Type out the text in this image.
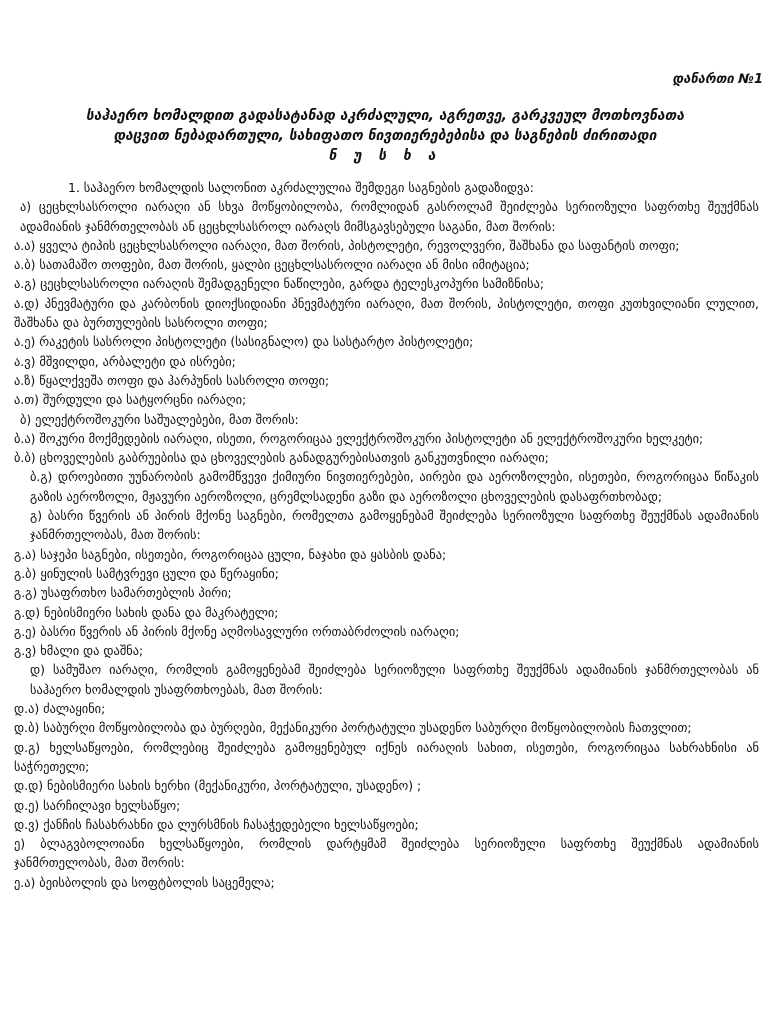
დანართი №1
საჰაერო ხომალდით გადასატანად აკრძალული, აგრეთვე, გარკვეულ მოთხოვნათა
დაცვით ნებადართული, სახიფათო ნივთიერებებისა და საგნების ძირითადი
ნ უ ს ხ ა

1. საჰაერო ხომალდის სალონით აკრძალულია შემდეგი საგნების გადაზიდვა:

ა) ცეცხლსასროლი იარაღი ან სხვა მოწყობილობა, რომლიდან გასროლამ შეიძლება სერიოზული საფრთხე შეუქმნას ადამიანის ჯანმრთელობას ან ცეცხლსასროლ იარაღს მიმსგავსებული საგანი, მათ შორის:

ა.ა) ყველა ტიპის ცეცხლსასროლი იარაღი, მათ შორის, პისტოლეტი, რევოლვერი, შაშხანა და საფანტის თოფი;

ა.ბ) სათამაშო თოფები, მათ შორის, ყალბი ცეცხლსასროლი იარაღი ან მისი იმიტაცია;

ა.გ) ცეცხლსასროლი იარაღის შემადგენელი ნაწილები, გარდა ტელესკოპური სამიზნისა;

ა.დ) პნევმატური და კარბონის დიოქსიდიანი პნევმატური იარაღი, მათ შორის, პისტოლეტი, თოფი კუთხვილიანი ლულით, შაშხანა და ბურთულების სასროლი თოფი;

ა.ე) რაკეტის სასროლი პისტოლეტი (სასიგნალო) და სასტარტო პისტოლეტი;

ა.ვ) მშვილდი, არბალეტი და ისრები;

ა.ზ) წყალქვეშა თოფი და ჰარპუნის სასროლი თოფი;

ა.თ) შურდული და სატყორცნი იარაღი;

ბ) ელექტროშოკური საშუალებები, მათ შორის:

ბ.ა) შოკური მოქმედების იარაღი, ისეთი, როგორიცაა ელექტროშოკური პისტოლეტი ან ელექტროშოკური ხელკეტი;

ბ.ბ) ცხოველების გაბრუებისა და ცხოველების განადგურებისათვის განკუთვნილი იარაღი;

ბ.გ) დროებითი უუნარობის გამომწვევი ქიმიური ნივთიერებები, აირები და აეროზოლები, ისეთები, როგორიცაა წიწაკის გაზის აეროზოლი, მჟავური აეროზოლი, ცრემლსადენი გაზი და აეროზოლი ცხოველების დასაფრთხობად;

გ) ბასრი წვერის ან პირის მქონე საგნები, რომელთა გამოყენებამ შეიძლება სერიოზული საფრთხე შეუქმნას ადამიანის ჯანმრთელობას, მათ შორის:

გ.ა) საჯეპი საგნები, ისეთები, როგორიცაა ცული, ნაჯახი და ყასბის დანა;

გ.ბ) ყინულის სამტვრევი ცული და წერაყინი;

გ.გ) უსაფრთხო სამართებლის პირი;

გ.დ) ნებისმიერი სახის დანა და მაკრატელი;

გ.ე) ბასრი წვერის ან პირის მქონე აღმოსავლური ორთაბრძოლის იარაღი;

გ.ვ) ხმალი და დაშნა;

დ) სამუშაო იარაღი, რომლის გამოყენებამ შეიძლება სერიოზული საფრთხე შეუქმნას ადამიანის ჯანმრთელობას ან საჰაერო ხომალდის უსაფრთხოებას, მათ შორის:

დ.ა) ძალაყინი;

დ.ბ) საბურღი მოწყობილობა და ბურღები, მექანიკური პორტატული უსადენო საბურღი მოწყობილობის ჩათვლით;

დ.გ) ხელსაწყოები, რომლებიც შეიძლება გამოყენებულ იქნეს იარაღის სახით, ისეთები, როგორიცაა სახრახნისი ან საჭრეთელი;

დ.დ) ნებისმიერი სახის ხერხი (მექანიკური, პორტატული, უსადენო) ;

დ.ე) სარჩილავი ხელსაწყო;

დ.ვ) ქანჩის ჩასახრახნი და ლურსმნის ჩასაჭედებელი ხელსაწყოები;

ე) ბლაგვბოლოიანი ხელსაწყოები, რომლის დარტყმამ შეიძლება სერიოზული საფრთხე შეუქმნას ადამიანის ჯანმრთელობას, მათ შორის:

ე.ა) ბეისბოლის და სოფტბოლის საცემელა;
